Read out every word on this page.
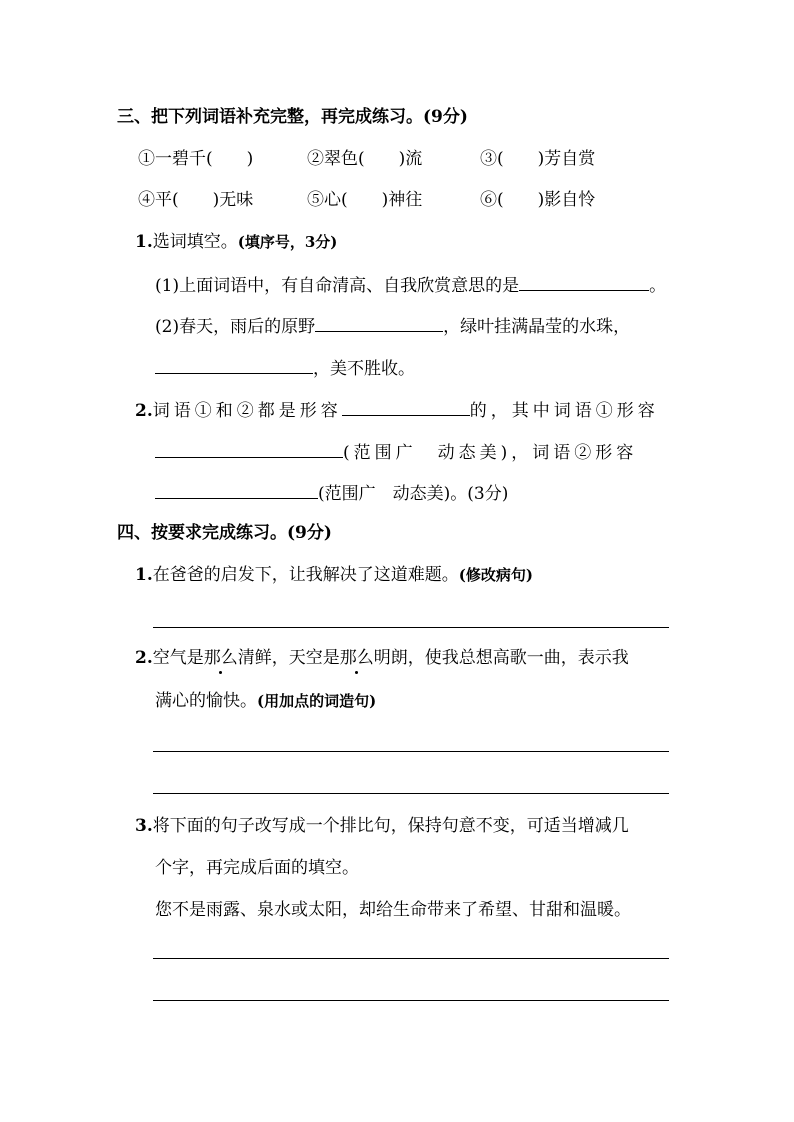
三、把下列词语补充完整，再完成练习。(9分)
①一碧千(　　)	②翠色(　　)流	③(　　)芳自赏
④平(　　)无味	⑤心(　　)神往	⑥(　　)影自怜
1.选词填空。(填序号，3分)
(1)上面词语中，有自命清高、自我欣赏意思的是	。
(2)春天，雨后的原野	，绿叶挂满晶莹的水珠，
，美不胜收。
2.词语①和②都是形容	的，其中词语①形容
(范围广　动态美)，词语②形容
(范围广　动态美)。(3分)
四、按要求完成练习。(9分)
1.在爸爸的启发下，让我解决了这道难题。(修改病句)
2.空气是那么清鲜，天空是那么明朗，使我总想高歌一曲，表示我
满心的愉快。(用加点的词造句)
3.将下面的句子改写成一个排比句，保持句意不变，可适当增减几
个字，再完成后面的填空。
您不是雨露、泉水或太阳，却给生命带来了希望、甘甜和温暖。
